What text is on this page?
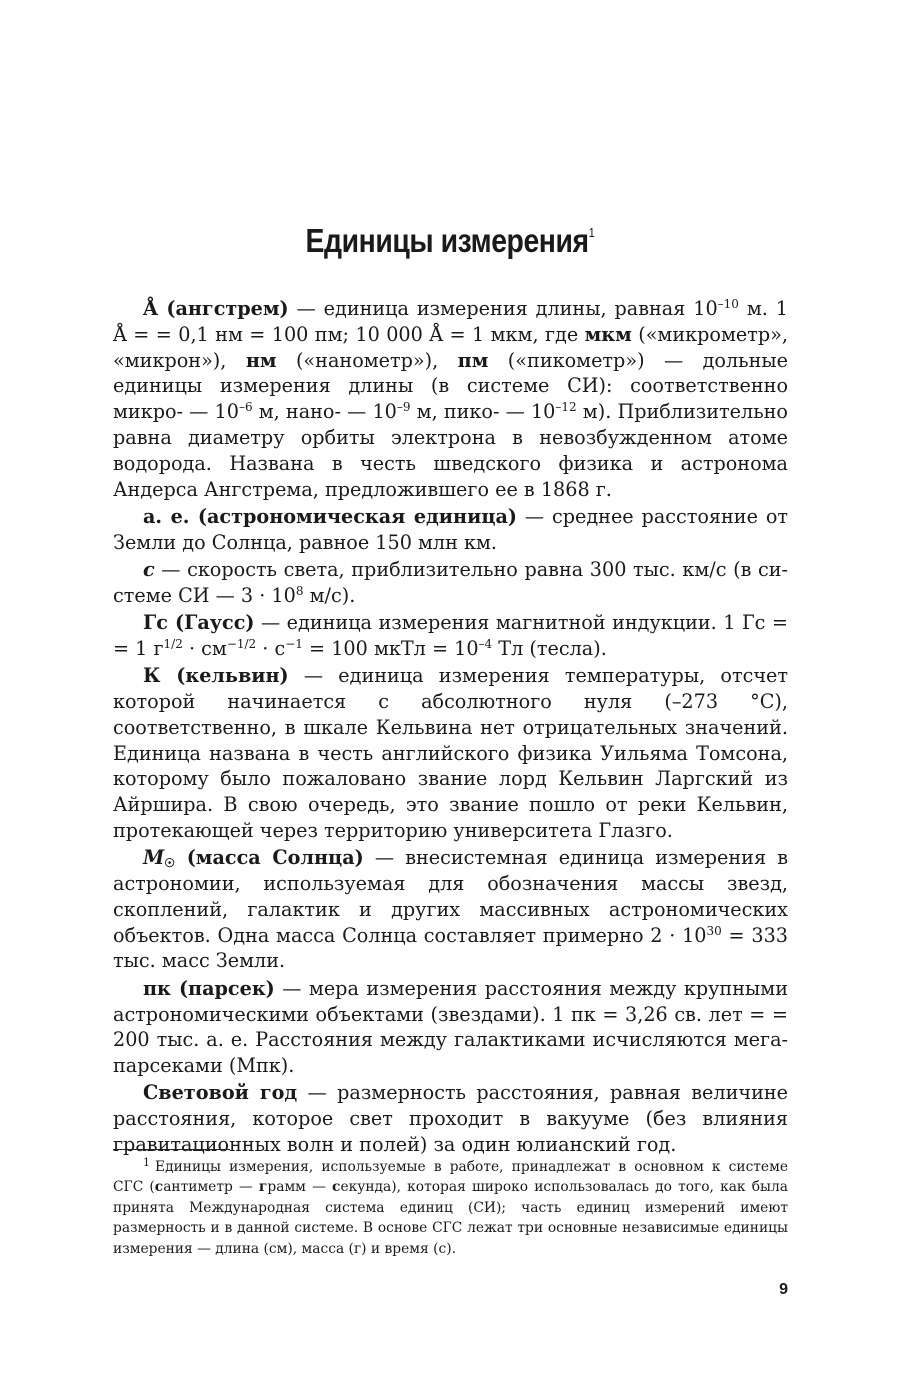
Единицы измерения$^1$

Å (ангстрем) — единица измерения длины, равная $10^{-10}$ м. 1 Å = = 0,1 нм = 100 пм; 10 000 Å = 1 мкм, где мкм («микрометр», «микрон»), нм («нанометр»), пм («пикометр») — дольные единицы измерения длины (в системе СИ): соответственно микро- — $10^{-6}$ м, нано- — $10^{-9}$ м, пико- — $10^{-12}$ м). Приблизительно равна диаметру орбиты электрона в невозбужденном атоме водорода. Названа в честь шведского физика и астронома Андерса Ангстрема, предложившего ее в 1868 г.

а. е. (астрономическая единица) — среднее расстояние от Земли до Солнца, равное 150 млн км.

c — скорость света, приблизительно равна 300 тыс. км/с (в системе СИ — $3 \cdot 10^8$ м/с).

Гс (Гаусс) — единица измерения магнитной индукции. 1 Гс = = 1 $г^{1/2} \cdot см^{-1/2} \cdot с^{-1} = 100$ мкТл = $10^{-4}$ Тл (тесла).

К (кельвин) — единица измерения температуры, отсчет которой начинается с абсолютного нуля (–273 °С), соответственно, в шкале Кельвина нет отрицательных значений. Единица названа в честь английского физика Уильяма Томсона, которому было пожаловано звание лорд Кельвин Ларгский из Айршира. В свою очередь, это звание пошло от реки Кельвин, протекающей через территорию университета Глазго.

$M_☉$ (масса Солнца) — внесистемная единица измерения в астрономии, используемая для обозначения массы звезд, скоплений, галактик и других массивных астрономических объектов. Одна масса Солнца составляет примерно $2 \cdot 10^{30} = 333$ тыс. масс Земли.

пк (парсек) — мера измерения расстояния между крупными астрономическими объектами (звездами). 1 пк = 3,26 св. лет = = 200 тыс. а. е. Расстояния между галактиками исчисляются мегапарсеками (Мпк).

Световой год — размерность расстояния, равная величине расстояния, которое свет проходит в вакууме (без влияния гравитационных волн и полей) за один юлианский год.

$^1$ Единицы измерения, используемые в работе, принадлежат в основном к системе СГС (сантиметр — грамм — секунда), которая широко использовалась до того, как была принята Международная система единиц (СИ); часть единиц измерений имеют размерность и в данной системе. В основе СГС лежат три основные независимые единицы измерения — длина (см), масса (г) и время (с).

9
